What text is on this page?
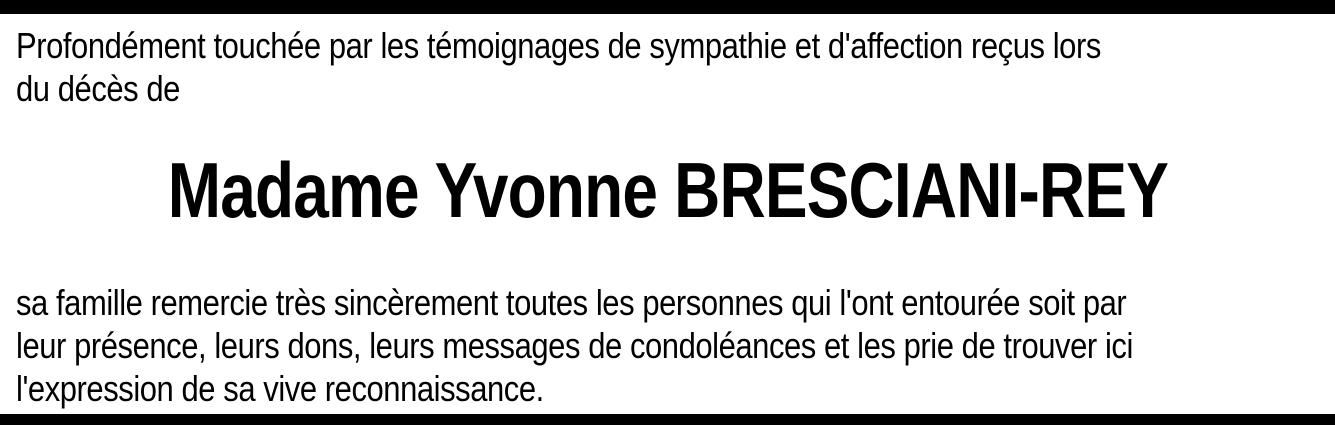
Profondément touchée par les témoignages de sympathie et d'affection reçus lors
du décès de
Madame Yvonne BRESCIANI-REY
sa famille remercie très sincèrement toutes les personnes qui l'ont entourée soit par
leur présence, leurs dons, leurs messages de condoléances et les prie de trouver ici
l'expression de sa vive reconnaissance.
